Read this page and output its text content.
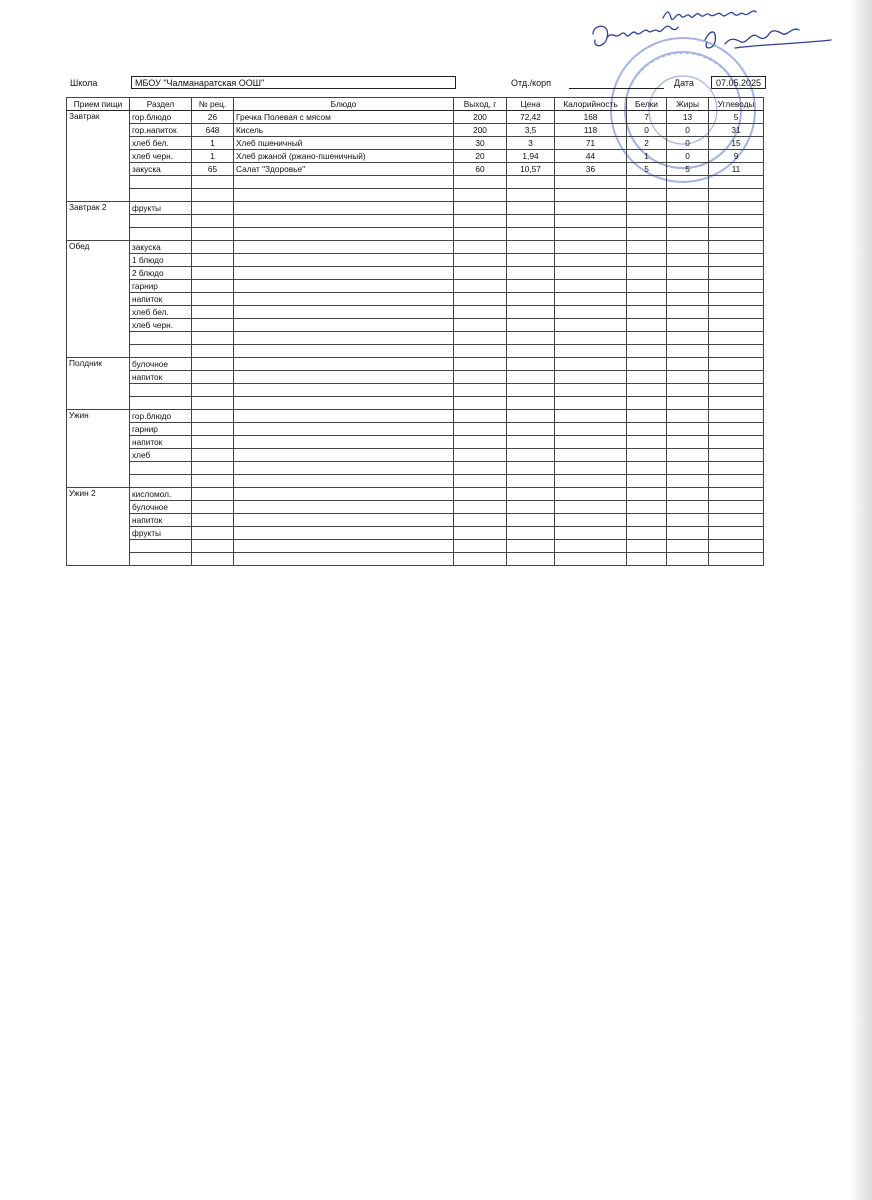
Школа	МБОУ "Чалманаратская ООШ"	Отд./корп	Дата	07.05.2025
Прием пищи	Раздел	№ рец.	Блюдо	Выход, г	Цена	Калорийность	Белки	Жиры	Углеводы
Завтрак	гор.блюдо	26	Гречка Полевая с мясом	200	72,42	168	7	13	5
	гор.напиток	648	Кисель	200	3,5	118	0	0	31
	хлеб бел.	1	Хлеб пшеничный	30	3	71	2	0	15
	хлеб черн.	1	Хлеб ржаной (ржано-пшеничный)	20	1,94	44	1	0	9
	закуска	65	Салат "Здоровье"	60	10,57	36	5	5	11

Завтрак 2	фрукты								

Обед	закуска								
	1 блюдо								
	2 блюдо								
	гарнир								
	напиток								
	хлеб бел.								
	хлеб черн.								

Полдник	булочное								
	напиток								

Ужин	гор.блюдо								
	гарнир								
	напиток								
	хлеб								

Ужин 2	кисломол.								
	булочное								
	напиток								
	фрукты								
